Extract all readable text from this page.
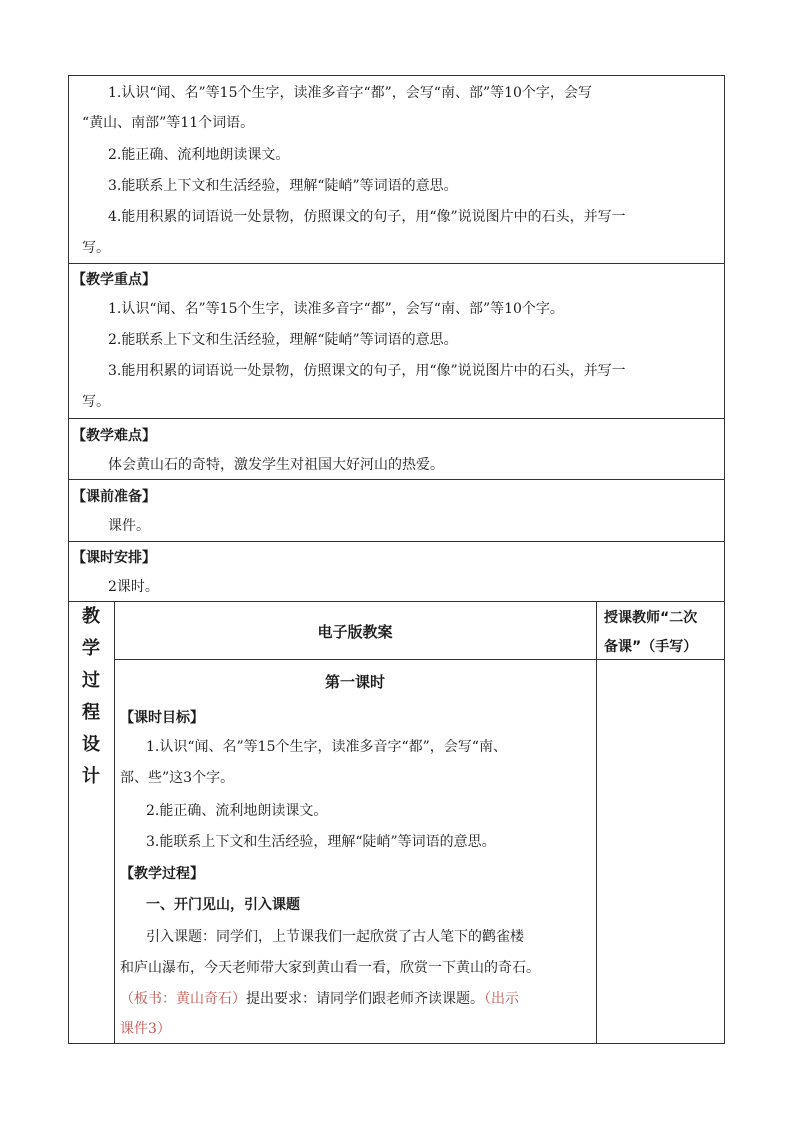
1.认识“闻、名”等15个生字，读准多音字“都”，会写“南、部”等10个字，会写
“黄山、南部”等11个词语。
2.能正确、流利地朗读课文。
3.能联系上下文和生活经验，理解“陡峭”等词语的意思。
4.能用积累的词语说一处景物，仿照课文的句子，用“像”说说图片中的石头，并写一
写。
【教学重点】
1.认识“闻、名”等15个生字，读准多音字“都”，会写“南、部”等10个字。
2.能联系上下文和生活经验，理解“陡峭”等词语的意思。
3.能用积累的词语说一处景物，仿照课文的句子，用“像”说说图片中的石头，并写一
写。
【教学难点】
体会黄山石的奇特，激发学生对祖国大好河山的热爱。
【课前准备】
课件。
【课时安排】
2课时。
教
学
过
程
设
计
电子版教案
授课教师“二次
备课”（手写）
第一课时
【课时目标】
1.认识“闻、名”等15个生字，读准多音字“都”，会写“南、
部、些”这3个字。
2.能正确、流利地朗读课文。
3.能联系上下文和生活经验，理解“陡峭”等词语的意思。
【教学过程】
一、开门见山，引入课题
引入课题：同学们，上节课我们一起欣赏了古人笔下的鹳雀楼
和庐山瀑布，今天老师带大家到黄山看一看，欣赏一下黄山的奇石。
（板书：黄山奇石）提出要求：请同学们跟老师齐读课题。（出示
课件3）
